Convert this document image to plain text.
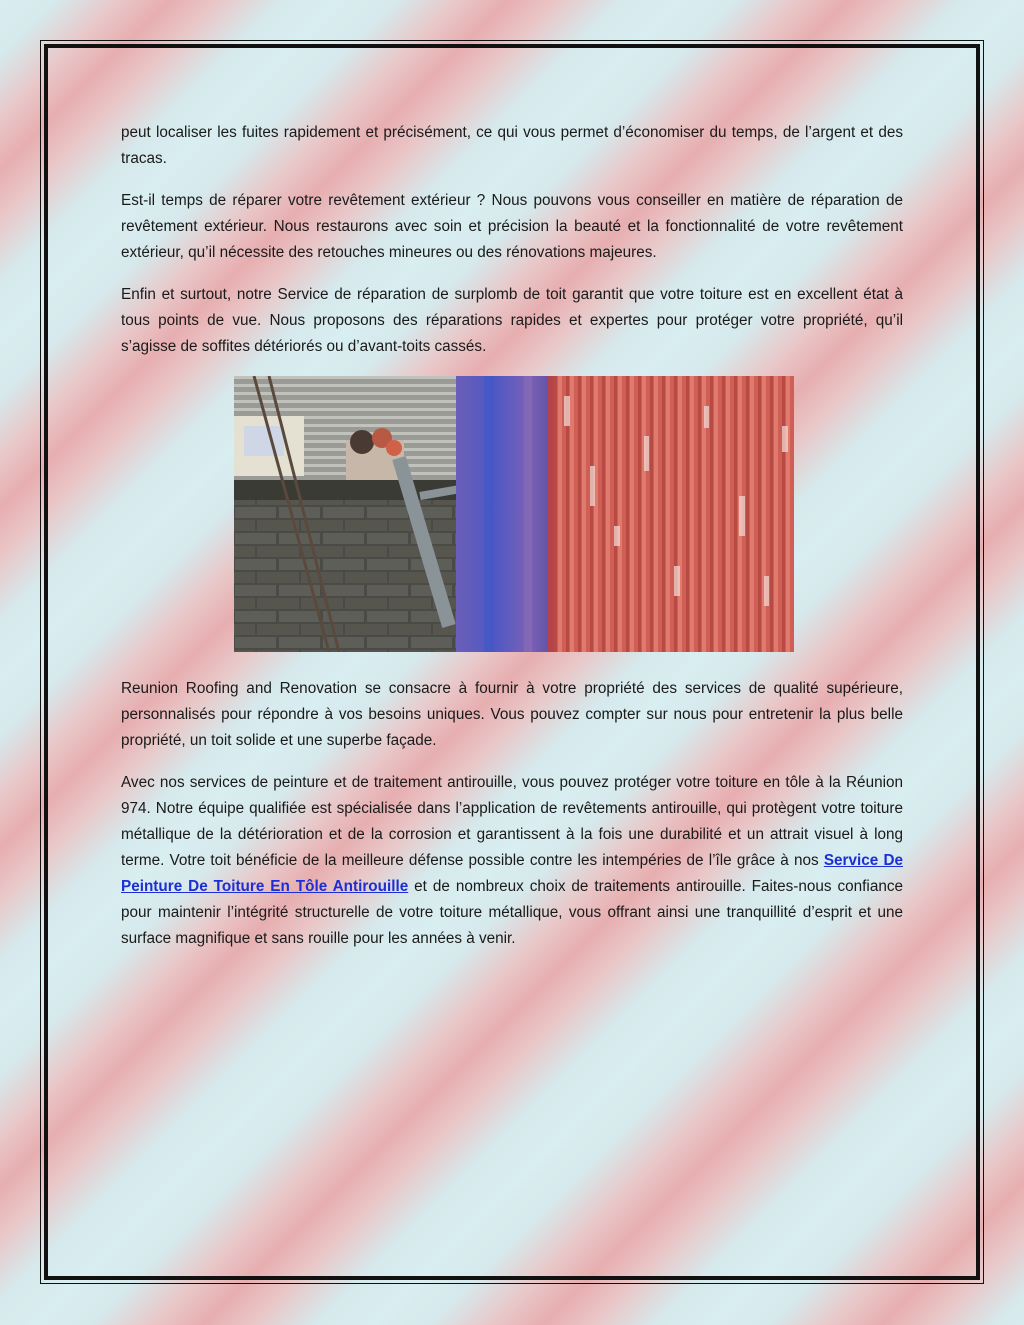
peut localiser les fuites rapidement et précisément, ce qui vous permet d’économiser du temps, de l’argent et des tracas.

Est-il temps de réparer votre revêtement extérieur ? Nous pouvons vous conseiller en matière de réparation de revêtement extérieur. Nous restaurons avec soin et précision la beauté et la fonctionnalité de votre revêtement extérieur, qu’il nécessite des retouches mineures ou des rénovations majeures.

Enfin et surtout, notre Service de réparation de surplomb de toit garantit que votre toiture est en excellent état à tous points de vue. Nous proposons des réparations rapides et expertes pour protéger votre propriété, qu’il s’agisse de soffites détériorés ou d’avant-toits cassés.

Reunion Roofing and Renovation se consacre à fournir à votre propriété des services de qualité supérieure, personnalisés pour répondre à vos besoins uniques. Vous pouvez compter sur nous pour entretenir la plus belle propriété, un toit solide et une superbe façade.

Avec nos services de peinture et de traitement antirouille, vous pouvez protéger votre toiture en tôle à la Réunion 974. Notre équipe qualifiée est spécialisée dans l’application de revêtements antirouille, qui protègent votre toiture métallique de la détérioration et de la corrosion et garantissent à la fois une durabilité et un attrait visuel à long terme. Votre toit bénéficie de la meilleure défense possible contre les intempéries de l’île grâce à nos Service De Peinture De Toiture En Tôle Antirouille et de nombreux choix de traitements antirouille. Faites-nous confiance pour maintenir l’intégrité structurelle de votre toiture métallique, vous offrant ainsi une tranquillité d’esprit et une surface magnifique et sans rouille pour les années à venir.
